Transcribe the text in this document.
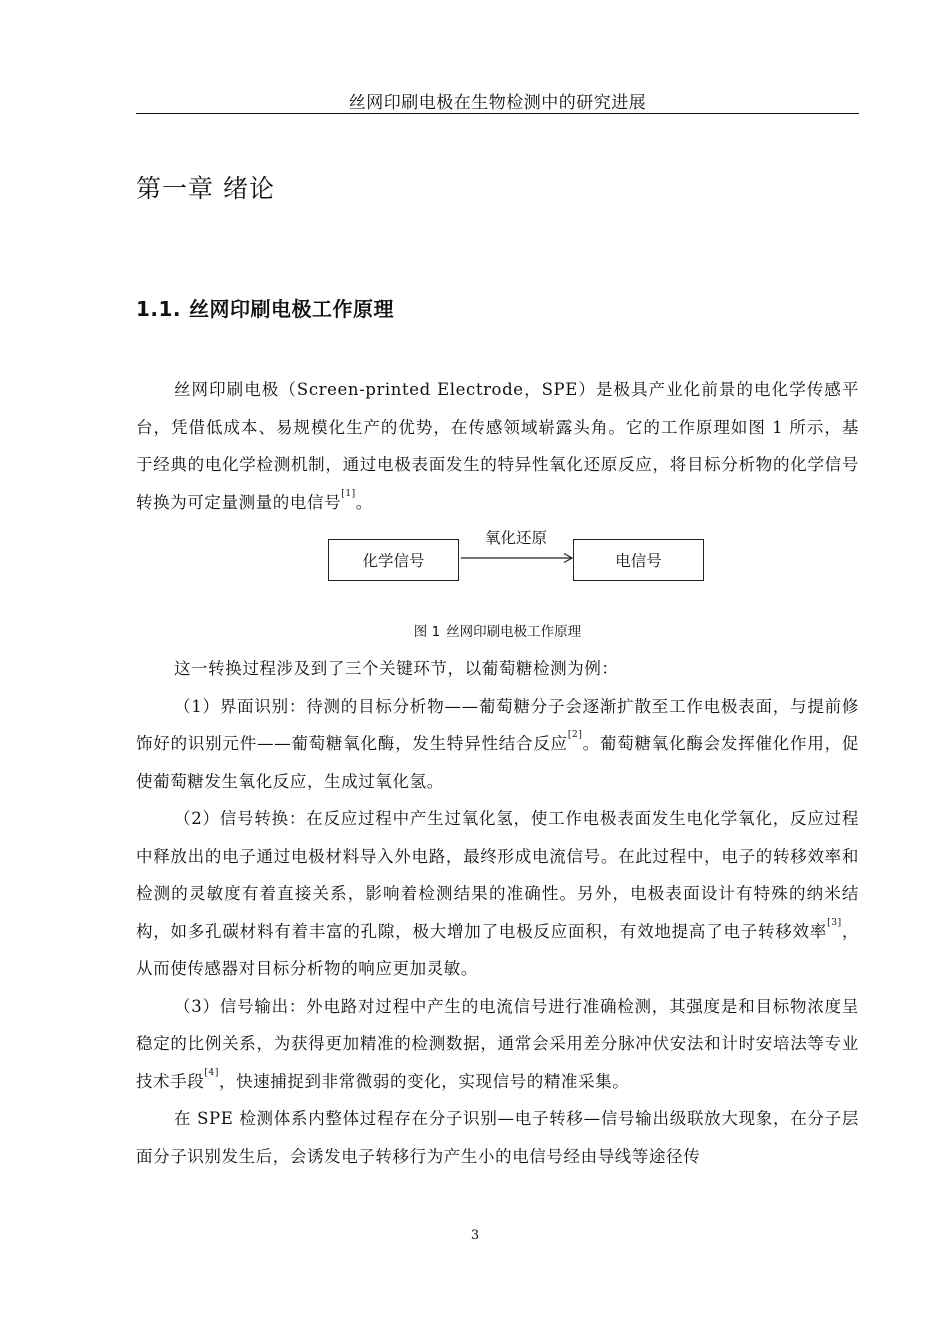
丝网印刷电极在生物检测中的研究进展
第一章 绪论
1.1. 丝网印刷电极工作原理

丝网印刷电极（Screen-printed Electrode，SPE）是极具产业化前景的电化学传感平台，凭借低成本、易规模化生产的优势，在传感领域崭露头角。它的工作原理如图 1 所示，基于经典的电化学检测机制，通过电极表面发生的特异性氧化还原反应，将目标分析物的化学信号转换为可定量测量的电信号[1]。

化学信号
氧化还原
电信号
图 1 丝网印刷电极工作原理

这一转换过程涉及到了三个关键环节，以葡萄糖检测为例：

（1）界面识别：待测的目标分析物——葡萄糖分子会逐渐扩散至工作电极表面，与提前修饰好的识别元件——葡萄糖氧化酶，发生特异性结合反应[2]。葡萄糖氧化酶会发挥催化作用，促使葡萄糖发生氧化反应，生成过氧化氢。

（2）信号转换：在反应过程中产生过氧化氢，使工作电极表面发生电化学氧化，反应过程中释放出的电子通过电极材料导入外电路，最终形成电流信号。在此过程中，电子的转移效率和检测的灵敏度有着直接关系，影响着检测结果的准确性。另外，电极表面设计有特殊的纳米结构，如多孔碳材料有着丰富的孔隙，极大增加了电极反应面积，有效地提高了电子转移效率[3]，从而使传感器对目标分析物的响应更加灵敏。

（3）信号输出：外电路对过程中产生的电流信号进行准确检测，其强度是和目标物浓度呈稳定的比例关系，为获得更加精准的检测数据，通常会采用差分脉冲伏安法和计时安培法等专业技术手段[4]，快速捕捉到非常微弱的变化，实现信号的精准采集。

在 SPE 检测体系内整体过程存在分子识别—电子转移—信号输出级联放大现象，在分子层面分子识别发生后，会诱发电子转移行为产生小的电信号经由导线等途径传

3
